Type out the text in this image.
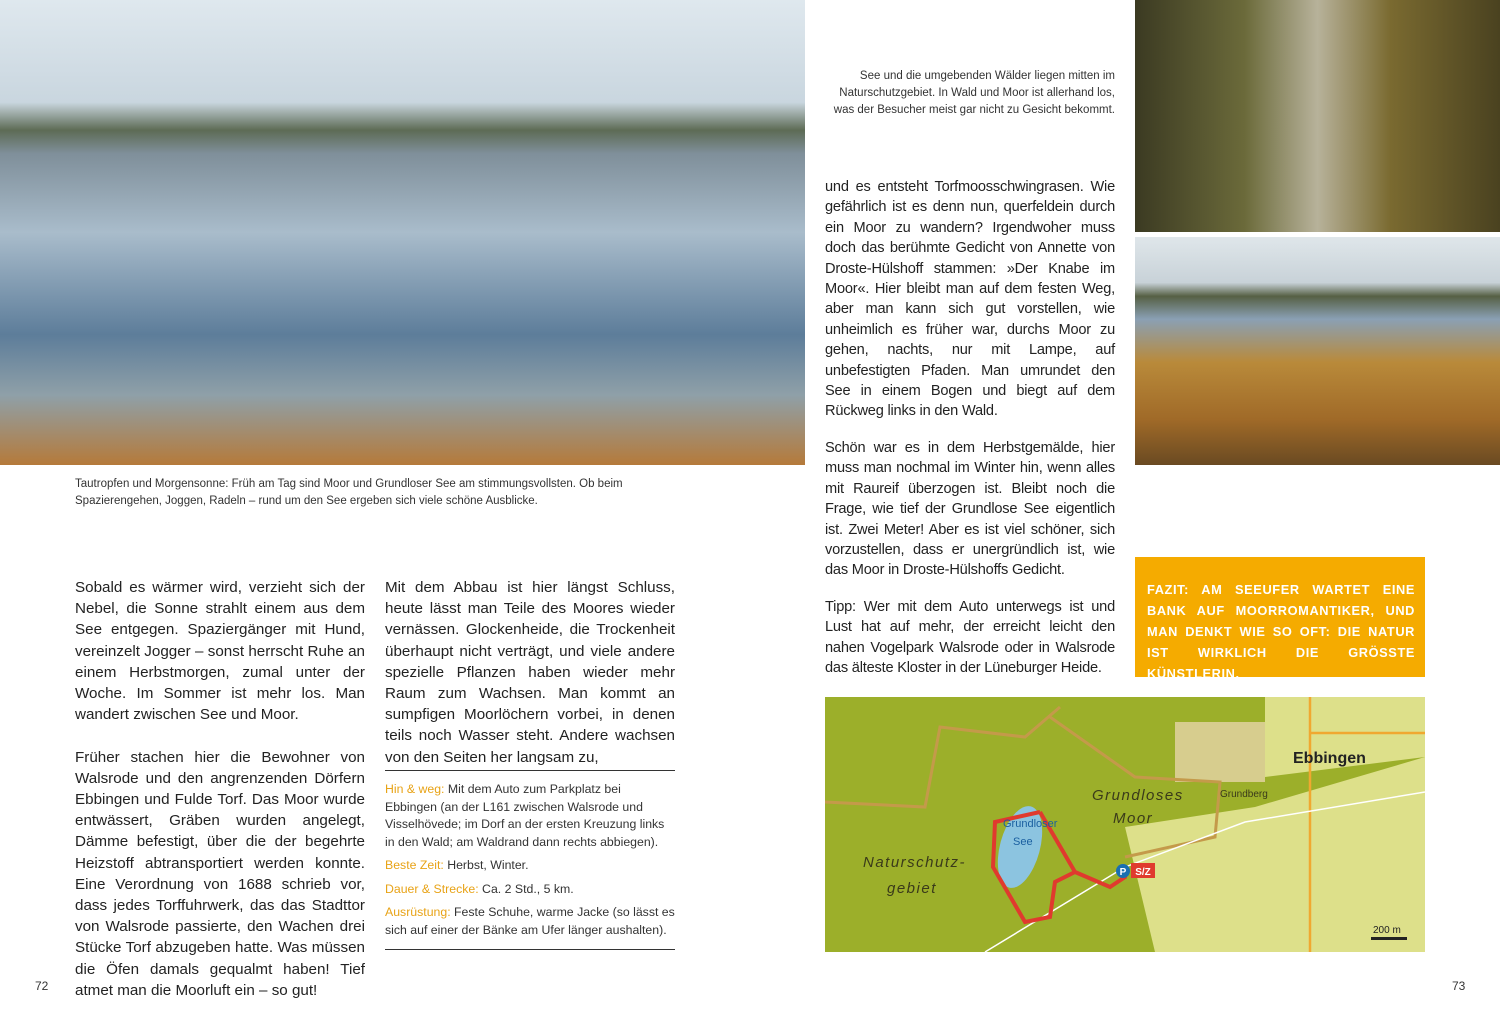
Tautropfen und Morgensonne: Früh am Tag sind Moor und Grundloser See am stimmungsvollsten. Ob beim Spazierengehen, Joggen, Radeln – rund um den See ergeben sich viele schöne Ausblicke.

Sobald es wärmer wird, verzieht sich der Nebel, die Sonne strahlt einem aus dem See entgegen. Spaziergänger mit Hund, vereinzelt Jogger – sonst herrscht Ruhe an einem Herbstmorgen, zumal unter der Woche. Im Sommer ist mehr los. Man wandert zwischen See und Moor.

Früher stachen hier die Bewohner von Walsrode und den angrenzenden Dörfern Ebbingen und Fulde Torf. Das Moor wurde entwässert, Gräben wurden angelegt, Dämme befestigt, über die der begehrte Heizstoff abtransportiert werden konnte. Eine Verordnung von 1688 schrieb vor, dass jedes Torffuhrwerk, das das Stadttor von Walsrode passierte, den Wachen drei Stücke Torf abzugeben hatte. Was müssen die Öfen damals gequalmt haben! Tief atmet man die Moorluft ein – so gut!

Mit dem Abbau ist hier längst Schluss, heute lässt man Teile des Moores wieder vernässen. Glockenheide, die Trockenheit überhaupt nicht verträgt, und viele andere spezielle Pflanzen haben wieder mehr Raum zum Wachsen. Man kommt an sumpfigen Moorlöchern vorbei, in denen teils noch Wasser steht. Andere wachsen von den Seiten her langsam zu,

Hin & weg: Mit dem Auto zum Parkplatz bei Ebbingen (an der L161 zwischen Walsrode und Visselhövede; im Dorf an der ersten Kreuzung links in den Wald; am Waldrand dann rechts abbiegen).

Beste Zeit: Herbst, Winter.

Dauer & Strecke: Ca. 2 Std., 5 km.

Ausrüstung: Feste Schuhe, warme Jacke (so lässt es sich auf einer der Bänke am Ufer länger aushalten).

72
See und die umgebenden Wälder liegen mitten im Naturschutzgebiet. In Wald und Moor ist allerhand los, was der Besucher meist gar nicht zu Gesicht bekommt.

und es entsteht Torfmoosschwingrasen. Wie gefährlich ist es denn nun, querfeldein durch ein Moor zu wandern? Irgendwoher muss doch das berühmte Gedicht von Annette von Droste-Hülshoff stammen: »Der Knabe im Moor«. Hier bleibt man auf dem festen Weg, aber man kann sich gut vorstellen, wie unheimlich es früher war, durchs Moor zu gehen, nachts, nur mit Lampe, auf unbefestigten Pfaden. Man umrundet den See in einem Bogen und biegt auf dem Rückweg links in den Wald.

Schön war es in dem Herbstgemälde, hier muss man nochmal im Winter hin, wenn alles mit Raureif überzogen ist. Bleibt noch die Frage, wie tief der Grundlose See eigentlich ist. Zwei Meter! Aber es ist viel schöner, sich vorzustellen, dass er unergründlich ist, wie das Moor in Droste-Hülshoffs Gedicht.

Tipp: Wer mit dem Auto unterwegs ist und Lust hat auf mehr, der erreicht leicht den nahen Vogelpark Walsrode oder in Walsrode das älteste Kloster in der Lüneburger Heide.

FAZIT: AM SEEUFER WARTET EINE BANK AUF MOORROMANTIKER, UND MAN DENKT WIE SO OFT: DIE NATUR IST WIRKLICH DIE GRÖSSTE KÜNSTLERIN.
P S/Z
Grundloses
Moor
Naturschutz-
gebiet
Grundloser
See
Grundberg
Ebbingen
200 m
73
